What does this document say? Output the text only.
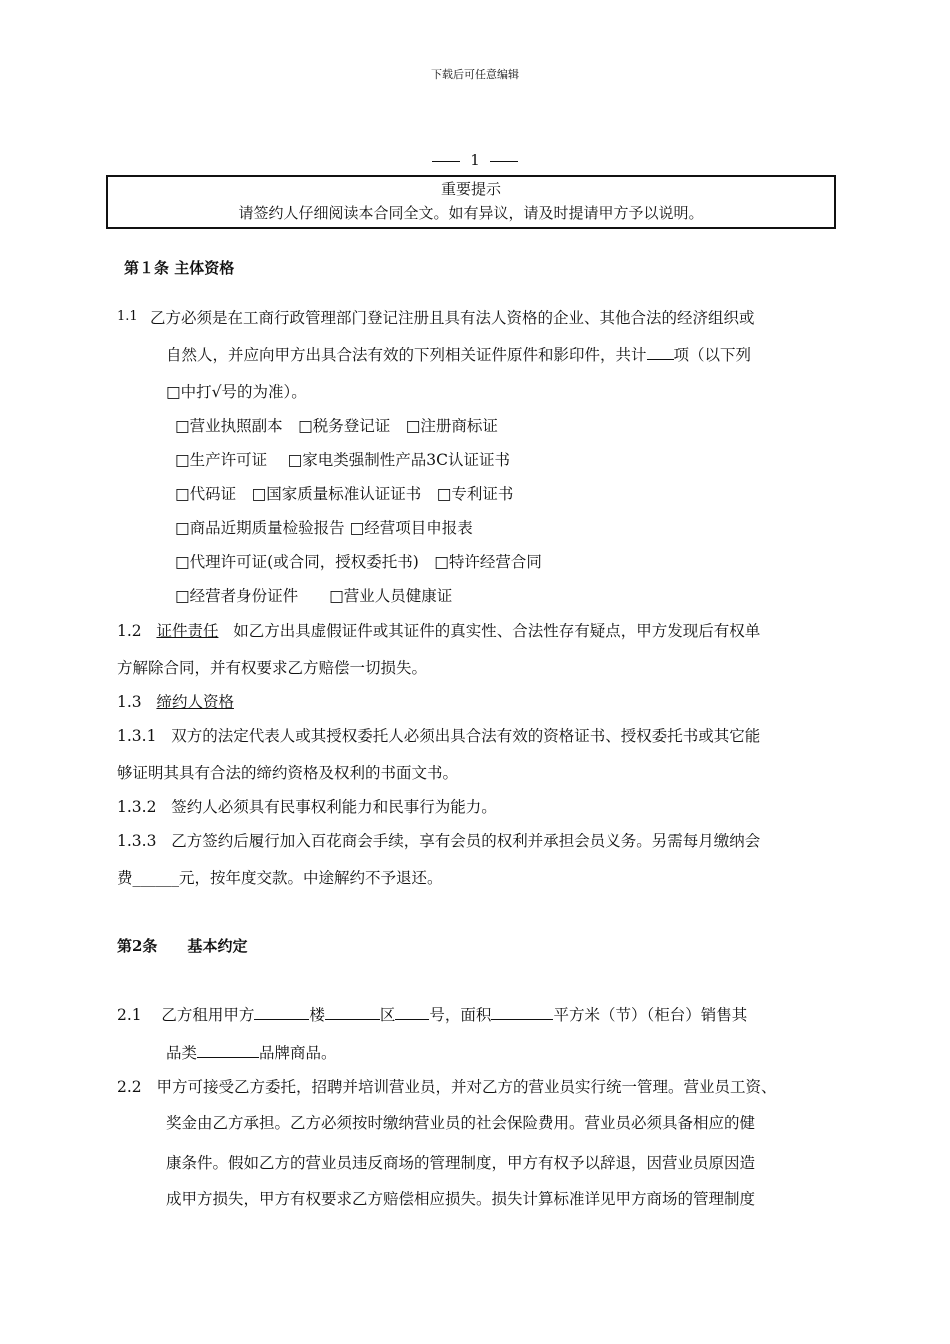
下载后可任意编辑
1
重要提示
请签约人仔细阅读本合同全文。如有异议，请及时提请甲方予以说明。
第１条 主体资格
1.1 乙方必须是在工商行政管理部门登记注册且具有法人资格的企业、其他合法的经济组织或
自然人，并应向甲方出具合法有效的下列相关证件原件和影印件，共计 项（以下列
□中打√号的为准）。
□营业执照副本　□税务登记证　□注册商标证
□生产许可证　 □家电类强制性产品3C认证证书
□代码证　□国家质量标准认证证书　□专利证书
□商品近期质量检验报告 □经营项目申报表
□代理许可证(或合同，授权委托书)　□特许经营合同
□经营者身份证件　　□营业人员健康证
1.2 证件责任 如乙方出具虚假证件或其证件的真实性、合法性存有疑点，甲方发现后有权单
方解除合同，并有权要求乙方赔偿一切损失。
1.3 缔约人资格
1.3.1 双方的法定代表人或其授权委托人必须出具合法有效的资格证书、授权委托书或其它能
够证明其具有合法的缔约资格及权利的书面文书。
1.3.2 签约人必须具有民事权利能力和民事行为能力。
1.3.3 乙方签约后履行加入百花商会手续，享有会员的权利并承担会员义务。另需每月缴纳会
费______元，按年度交款。中途解约不予退还。
第2条　　基本约定
2.1 乙方租用甲方	楼	区 号，面积	平方米（节）（柜台）销售其
品类	品牌商品。
2.2 甲方可接受乙方委托，招聘并培训营业员，并对乙方的营业员实行统一管理。营业员工资、
奖金由乙方承担。乙方必须按时缴纳营业员的社会保险费用。营业员必须具备相应的健
康条件。假如乙方的营业员违反商场的管理制度，甲方有权予以辞退，因营业员原因造
成甲方损失，甲方有权要求乙方赔偿相应损失。损失计算标准详见甲方商场的管理制度
